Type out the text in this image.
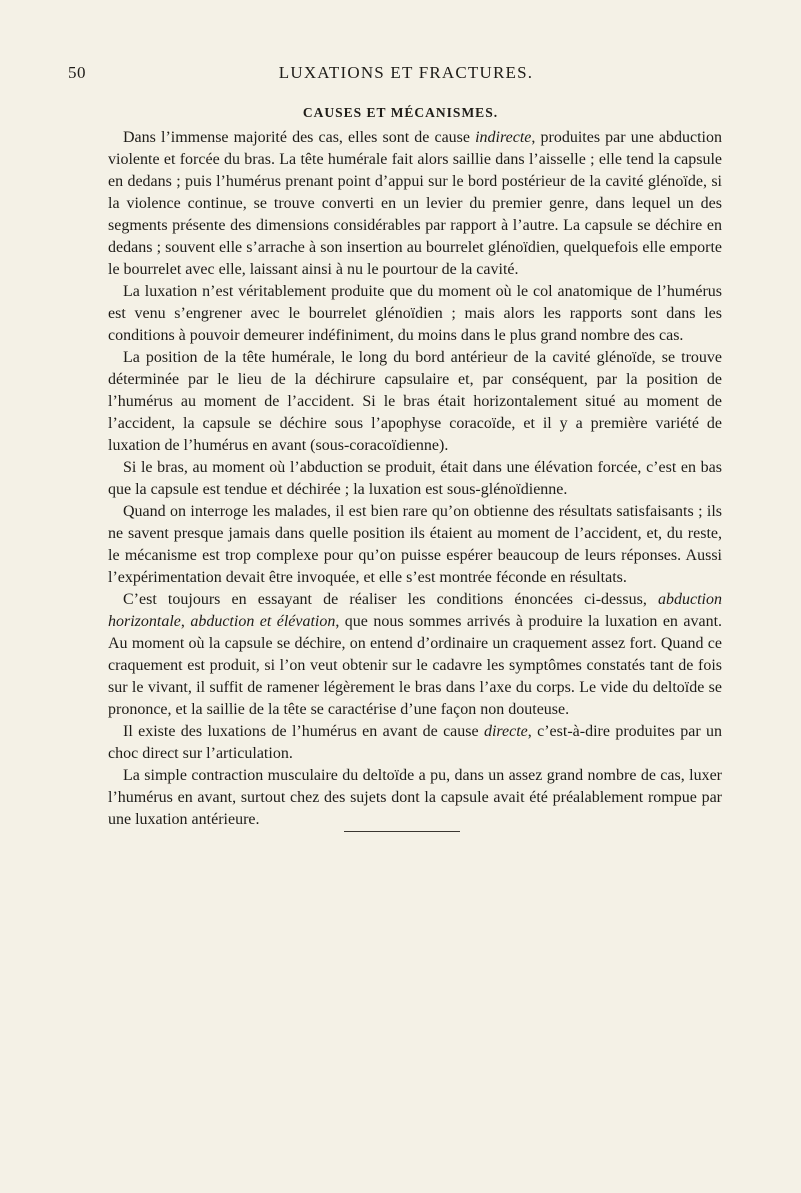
50	LUXATIONS ET FRACTURES.
CAUSES ET MÉCANISMES.

Dans l’immense majorité des cas, elles sont de cause indirecte, produites par une abduction violente et forcée du bras. La tête humérale fait alors saillie dans l’aisselle ; elle tend la capsule en dedans ; puis l’humérus prenant point d’appui sur le bord postérieur de la cavité glénoïde, si la violence continue, se trouve converti en un levier du premier genre, dans lequel un des segments présente des dimensions considérables par rapport à l’autre. La capsule se déchire en dedans ; souvent elle s’arrache à son insertion au bourrelet glénoïdien, quelquefois elle emporte le bourrelet avec elle, laissant ainsi à nu le pourtour de la cavité.

La luxation n’est véritablement produite que du moment où le col anatomique de l’humérus est venu s’engrener avec le bourrelet glénoïdien ; mais alors les rapports sont dans les conditions à pouvoir demeurer indéfiniment, du moins dans le plus grand nombre des cas.

La position de la tête humérale, le long du bord antérieur de la cavité glénoïde, se trouve déterminée par le lieu de la déchirure capsulaire et, par conséquent, par la position de l’humérus au moment de l’accident. Si le bras était horizontalement situé au moment de l’accident, la capsule se déchire sous l’apophyse coracoïde, et il y a première variété de luxation de l’humérus en avant (sous-coracoïdienne).

Si le bras, au moment où l’abduction se produit, était dans une élévation forcée, c’est en bas que la capsule est tendue et déchirée ; la luxation est sous-glénoïdienne.

Quand on interroge les malades, il est bien rare qu’on obtienne des résultats satisfaisants ; ils ne savent presque jamais dans quelle position ils étaient au moment de l’accident, et, du reste, le mécanisme est trop complexe pour qu’on puisse espérer beaucoup de leurs réponses. Aussi l’expérimentation devait être invoquée, et elle s’est montrée féconde en résultats.

C’est toujours en essayant de réaliser les conditions énoncées ci-dessus, abduction horizontale, abduction et élévation, que nous sommes arrivés à produire la luxation en avant. Au moment où la capsule se déchire, on entend d’ordinaire un craquement assez fort. Quand ce craquement est produit, si l’on veut obtenir sur le cadavre les symptômes constatés tant de fois sur le vivant, il suffit de ramener légèrement le bras dans l’axe du corps. Le vide du deltoïde se prononce, et la saillie de la tête se caractérise d’une façon non douteuse.

Il existe des luxations de l’humérus en avant de cause directe, c’est-à-dire produites par un choc direct sur l’articulation.

La simple contraction musculaire du deltoïde a pu, dans un assez grand nombre de cas, luxer l’humérus en avant, surtout chez des sujets dont la capsule avait été préalablement rompue par une luxation antérieure.
